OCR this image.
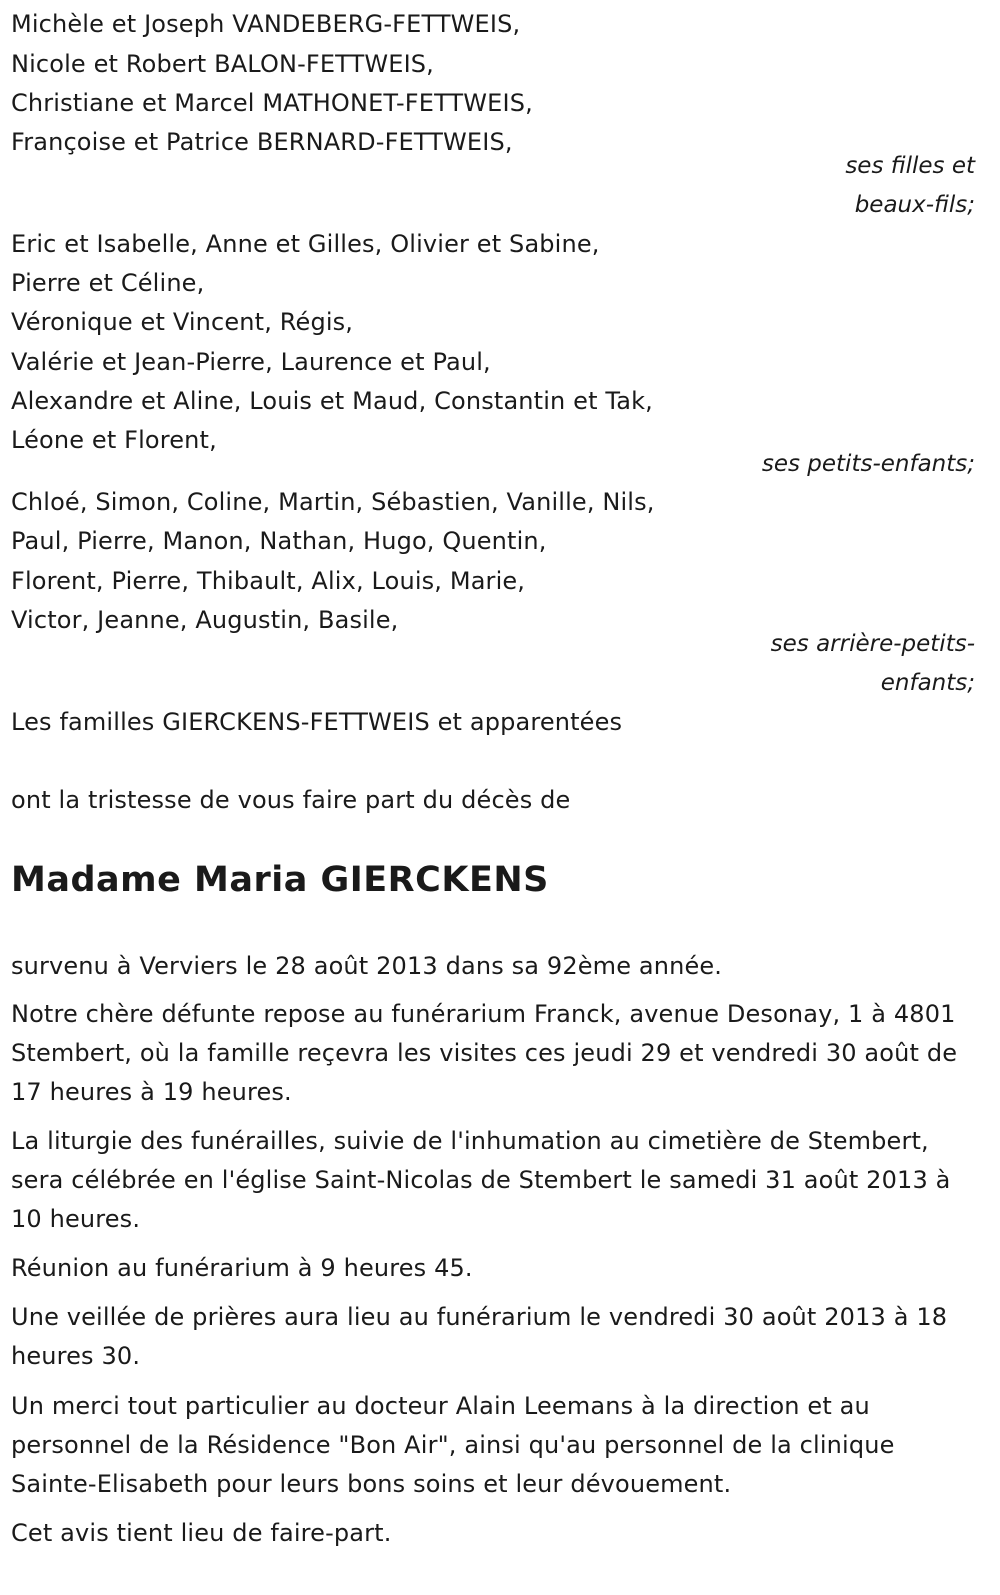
Michèle et Joseph VANDEBERG-FETTWEIS,
Nicole et Robert BALON-FETTWEIS,
Christiane et Marcel MATHONET-FETTWEIS,
Françoise et Patrice BERNARD-FETTWEIS,
ses filles et
beaux-fils;
Eric et Isabelle, Anne et Gilles, Olivier et Sabine,
Pierre et Céline,
Véronique et Vincent, Régis,
Valérie et Jean-Pierre, Laurence et Paul,
Alexandre et Aline, Louis et Maud, Constantin et Tak,
Léone et Florent,
ses petits-enfants;
Chloé, Simon, Coline, Martin, Sébastien, Vanille, Nils,
Paul, Pierre, Manon, Nathan, Hugo, Quentin,
Florent, Pierre, Thibault, Alix, Louis, Marie,
Victor, Jeanne, Augustin, Basile,
ses arrière-petits-
enfants;
Les familles GIERCKENS-FETTWEIS et apparentées
ont la tristesse de vous faire part du décès de
Madame Maria GIERCKENS
survenu à Verviers le 28 août 2013 dans sa 92ème année.
Notre chère défunte repose au funérarium Franck, avenue Desonay, 1 à 4801 Stembert, où la famille reçevra les visites ces jeudi 29 et vendredi 30 août de 17 heures à 19 heures.
La liturgie des funérailles, suivie de l'inhumation au cimetière de Stembert, sera célébrée en l'église Saint-Nicolas de Stembert le samedi 31 août 2013 à 10 heures.
Réunion au funérarium à 9 heures 45.
Une veillée de prières aura lieu au funérarium le vendredi 30 août 2013 à 18 heures 30.
Un merci tout particulier au docteur Alain Leemans à la direction et au personnel de la Résidence "Bon Air", ainsi qu'au personnel de la clinique Sainte-Elisabeth pour leurs bons soins et leur dévouement.
Cet avis tient lieu de faire-part.
